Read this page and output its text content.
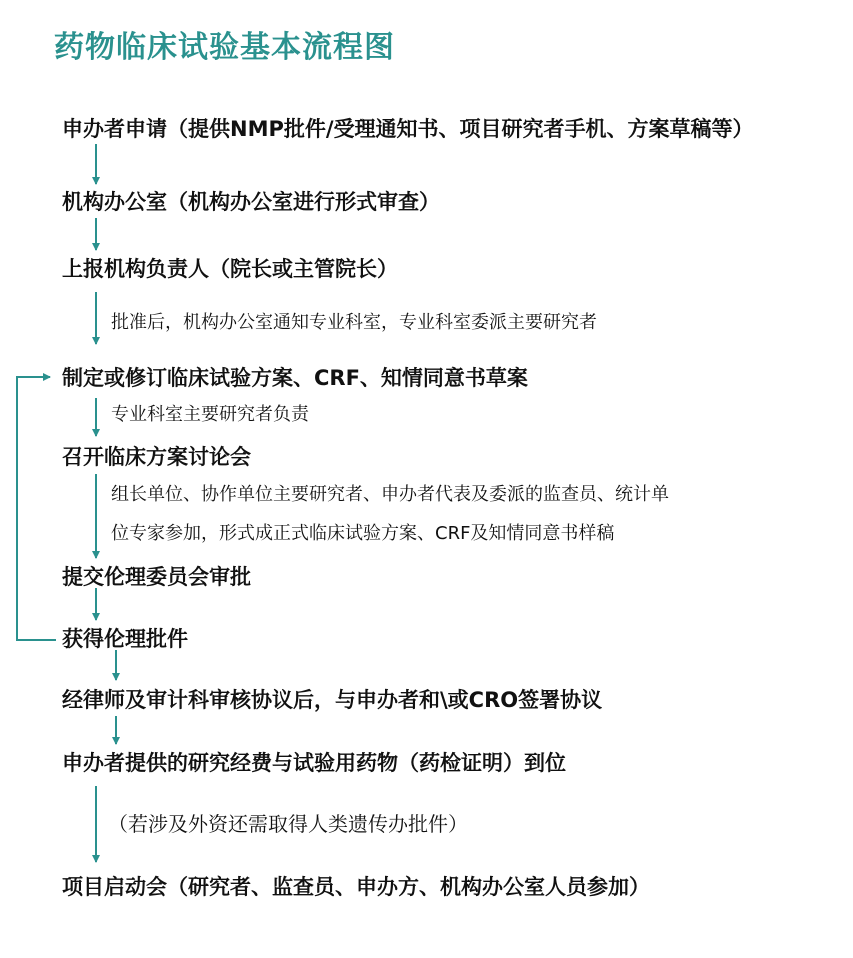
药物临床试验基本流程图
申办者申请（提供NMP批件/受理通知书、项目研究者手机、方案草稿等）
机构办公室（机构办公室进行形式审查）
上报机构负责人（院长或主管院长）
批准后，机构办公室通知专业科室，专业科室委派主要研究者
制定或修订临床试验方案、CRF、知情同意书草案
专业科室主要研究者负责
召开临床方案讨论会
组长单位、协作单位主要研究者、申办者代表及委派的监查员、统计单
位专家参加，形式成正式临床试验方案、CRF及知情同意书样稿
提交伦理委员会审批
获得伦理批件
经律师及审计科审核协议后，与申办者和\或CRO签署协议
申办者提供的研究经费与试验用药物（药检证明）到位
（若涉及外资还需取得人类遗传办批件）
项目启动会（研究者、监查员、申办方、机构办公室人员参加）
